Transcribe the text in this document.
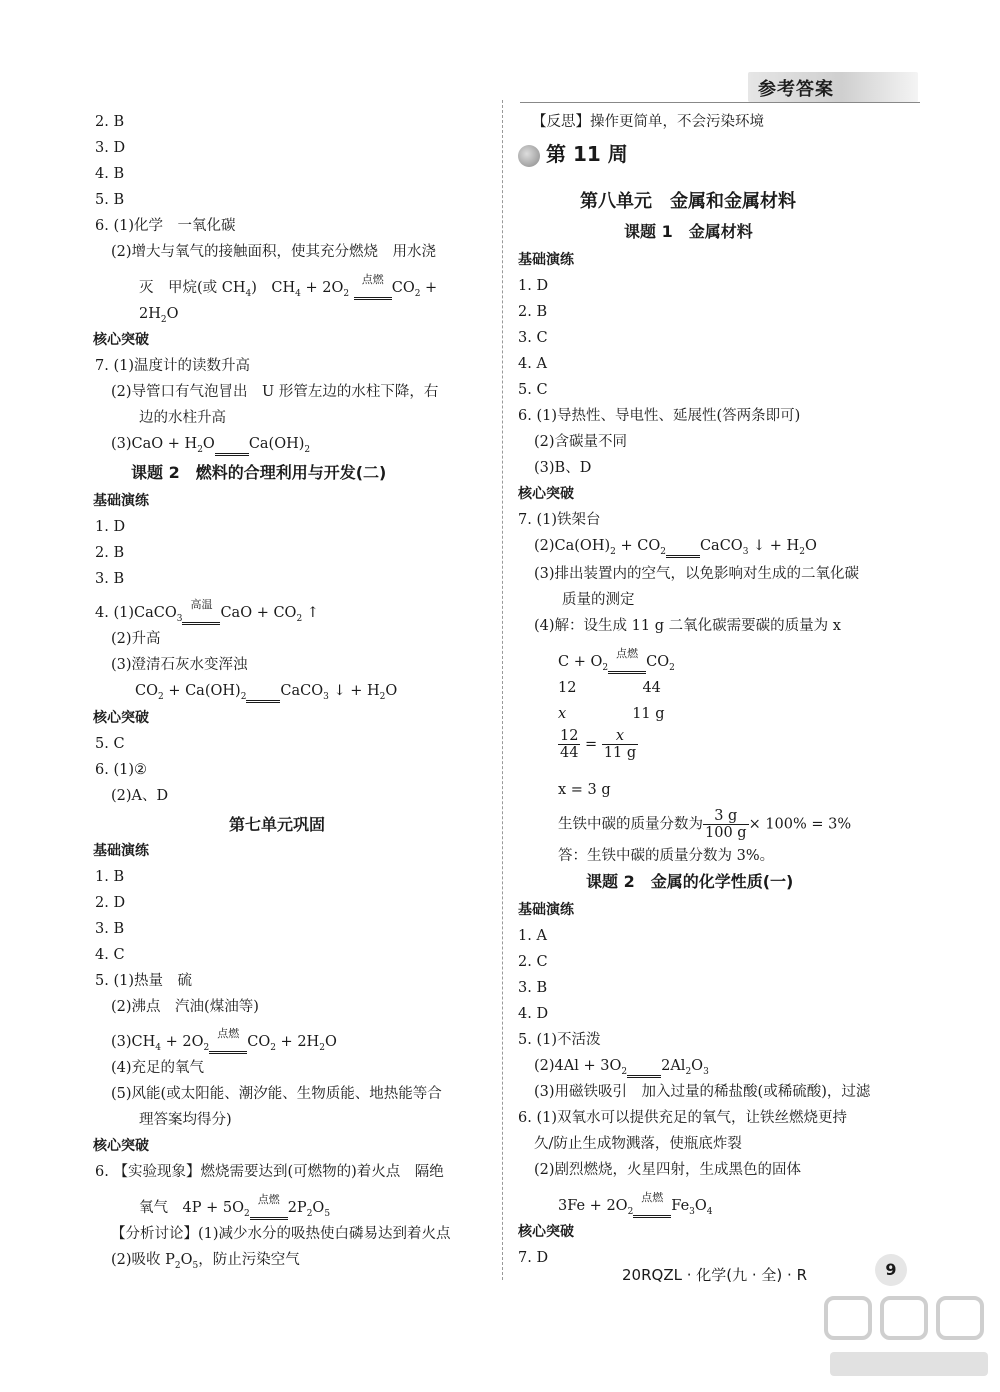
参考答案
2. B
3. D
4. B
5. B
6. (1)化学　一氧化碳
(2)增大与氧气的接触面积，使其充分燃烧　用水浇
灭　甲烷(或 $CH_4$)　$CH_4 + 2O_2$
点燃
$CO_2$ +
$2H_2O$
核心突破
7. (1)温度计的读数升高
(2)导管口有气泡冒出　U 形管左边的水柱下降，右
边的水柱升高
$(3)CaO + H_2O$ $Ca(OH)_2$
课题 2　燃料的合理利用与开发(二)
基础演练
1. D
2. B
3. B
4. (1)CaCO$_3$
高温
CaO + $CO_2$ ↑
(2)升高
(3)澄清石灰水变浑浊
$CO_2 + Ca(OH)_2$ CaCO$_3$ ↓ + $H_2O$
核心突破
5. C
6. (1)②
(2)A、D
第七单元巩固
基础演练
1. B
2. D
3. B
4. C
5. (1)热量　硫
(2)沸点　汽油(煤油等)
$(3)CH_4 + 2O_2$
点燃
$CO_2 + 2H_2O$
(4)充足的氧气
(5)风能(或太阳能、潮汐能、生物质能、地热能等合
理答案均得分)
核心突破
6. 【实验现象】燃烧需要达到(可燃物的)着火点　隔绝
氧气　$4P + 5O_2$
点燃
$2P_2O_5$
【分析讨论】(1)减少水分的吸热使白磷易达到着火点
(2)吸收 $P_2O_5$，防止污染空气
【反思】操作更简单，不会污染环境
第 11 周
第八单元　金属和金属材料
课题 1　金属材料
基础演练
1. D
2. B
3. C
4. A
5. C
6. (1)导热性、导电性、延展性(答两条即可)
(2)含碳量不同
(3)B、D
核心突破
7. (1)铁架台
$(2)Ca(OH)_2 + CO_2$ CaCO$_3$ ↓ + $H_2O$
(3)排出装置内的空气，以免影响对生成的二氧化碳
质量的测定
(4)解：设生成 11 g 二氧化碳需要碳的质量为 x
$C + O_2$
点燃
$CO_2$
12	44
x	11 g
$\frac{12}{44} = \frac{x}{11 g}$
x = 3 g
生铁中碳的质量分数为 $\frac{3 g}{100 g} \times 100\% = 3\%$
答：生铁中碳的质量分数为 3%。
课题 2　金属的化学性质(一)
基础演练
1. A
2. C
3. B
4. D
5. (1)不活泼
$(2)4Al + 3O_2$ $2Al_2O_3$
(3)用磁铁吸引　加入过量的稀盐酸(或稀硫酸)，过滤
6. (1)双氧水可以提供充足的氧气，让铁丝燃烧更持
久/防止生成物溅落，使瓶底炸裂
(2)剧烈燃烧，火星四射，生成黑色的固体
$3Fe + 2O_2$
点燃
$Fe_3O_4$
核心突破
7. D
20RQZL · 化学(九 · 全) · R	9
